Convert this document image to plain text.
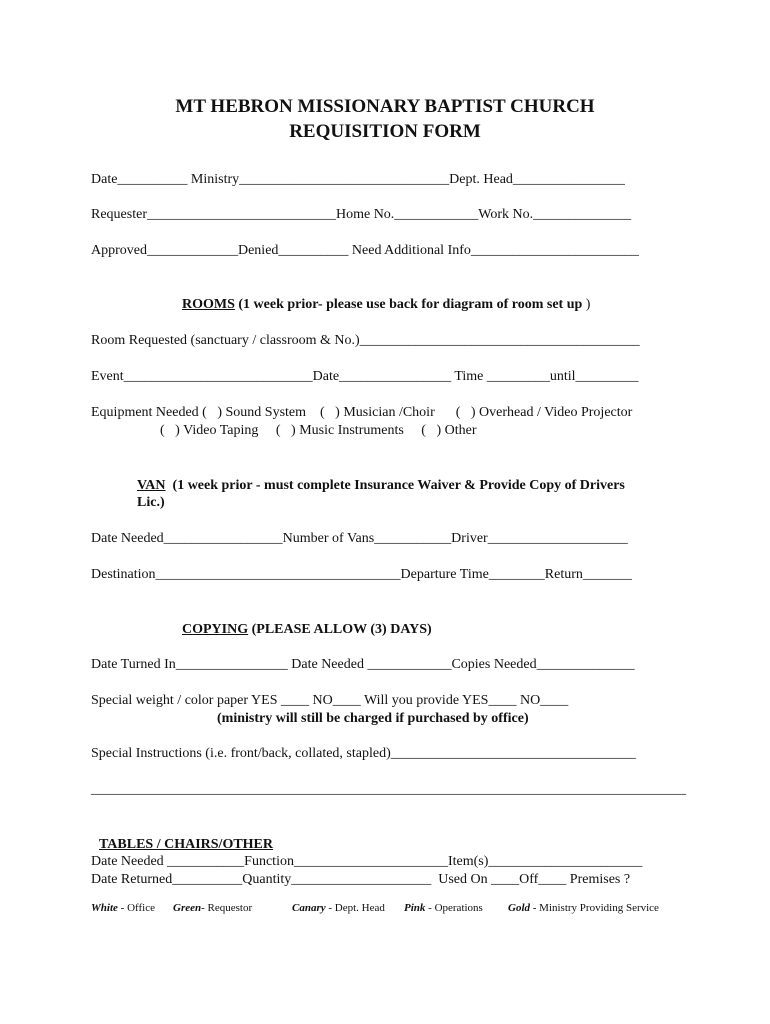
MT HEBRON MISSIONARY BAPTIST CHURCH
REQUISITION FORM
Date__________ Ministry______________________________Dept. Head________________
Requester___________________________Home No.____________Work No.______________
Approved_____________Denied__________ Need Additional Info________________________
ROOMS (1 week prior- please use back for diagram of room set up )
Room Requested (sanctuary / classroom & No.)________________________________________
Event___________________________Date________________ Time _________until_________
Equipment Needed (   ) Sound System    (   ) Musician /Choir      (   ) Overhead / Video Projector
(   ) Video Taping     (   ) Music Instruments     (   ) Other
VAN  (1 week prior - must complete Insurance Waiver & Provide Copy of Drivers
Lic.)
Date Needed_________________Number of Vans___________Driver____________________
Destination___________________________________Departure Time________Return_______
COPYING (PLEASE ALLOW (3) DAYS)
Date Turned In________________ Date Needed ____________Copies Needed______________
Special weight / color paper YES ____ NO____ Will you provide YES____ NO____
(ministry will still be charged if purchased by office)
Special Instructions (i.e. front/back, collated, stapled)___________________________________
_____________________________________________________________________________________
TABLES / CHAIRS/OTHER
Date Needed ___________Function______________________Item(s)______________________
Date Returned__________Quantity____________________  Used On ____Off____ Premises ?
White - Office Green- Requestor	Canary - Dept. Head Pink - Operations Gold - Ministry Providing Service
